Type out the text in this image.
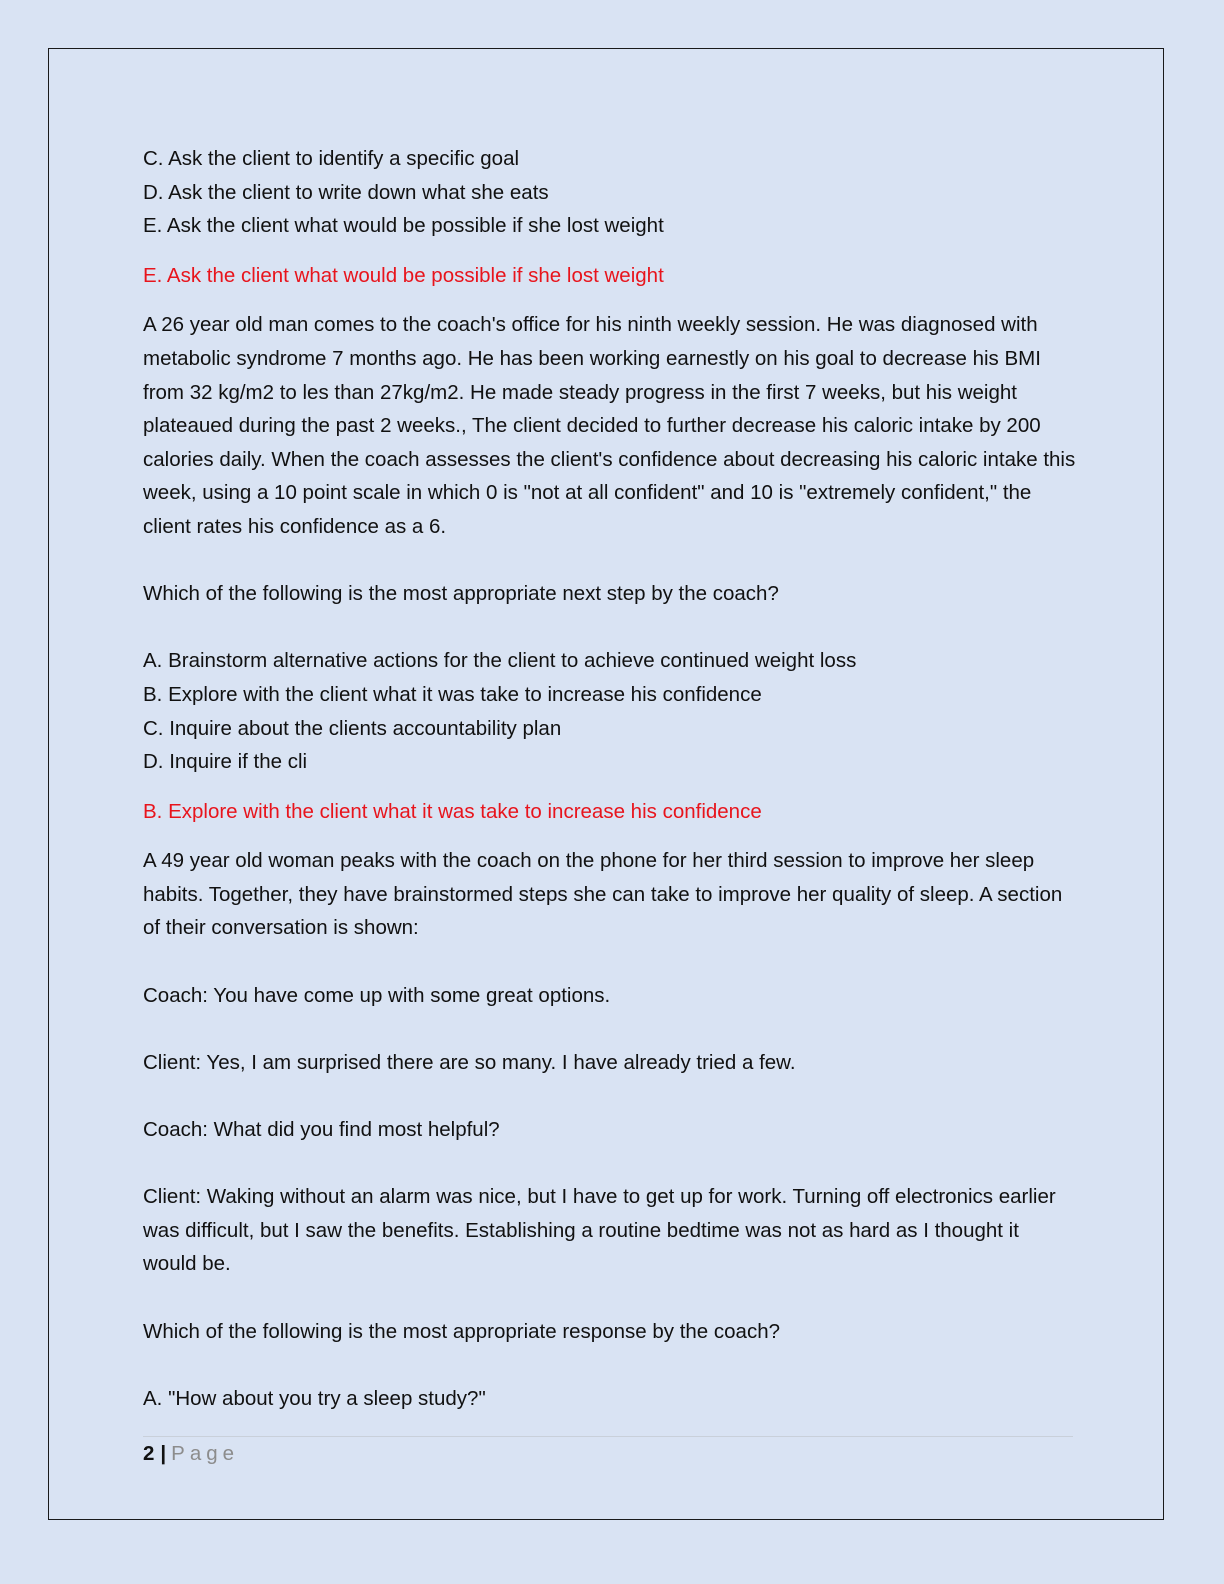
C. Ask the client to identify a specific goal

D. Ask the client to write down what she eats

E. Ask the client what would be possible if she lost weight

E. Ask the client what would be possible if she lost weight

A 26 year old man comes to the coach's office for his ninth weekly session. He was diagnosed with metabolic syndrome 7 months ago. He has been working earnestly on his goal to decrease his BMI from 32 kg/m2 to les than 27kg/m2. He made steady progress in the first 7 weeks, but his weight plateaued during the past 2 weeks., The client decided to further decrease his caloric intake by 200 calories daily. When the coach assesses the client's confidence about decreasing his caloric intake this week, using a 10 point scale in which 0 is "not at all confident" and 10 is "extremely confident," the client rates his confidence as a 6.

Which of the following is the most appropriate next step by the coach?

A. Brainstorm alternative actions for the client to achieve continued weight loss

B. Explore with the client what it was take to increase his confidence

C. Inquire about the clients accountability plan

D. Inquire if the cli

B. Explore with the client what it was take to increase his confidence

A 49 year old woman peaks with the coach on the phone for her third session to improve her sleep habits. Together, they have brainstormed steps she can take to improve her quality of sleep. A section of their conversation is shown:

Coach: You have come up with some great options.

Client: Yes, I am surprised there are so many. I have already tried a few.

Coach: What did you find most helpful?

Client: Waking without an alarm was nice, but I have to get up for work. Turning off electronics earlier was difficult, but I saw the benefits. Establishing a routine bedtime was not as hard as I thought it would be.

Which of the following is the most appropriate response by the coach?

A. "How about you try a sleep study?"

2 | Page
